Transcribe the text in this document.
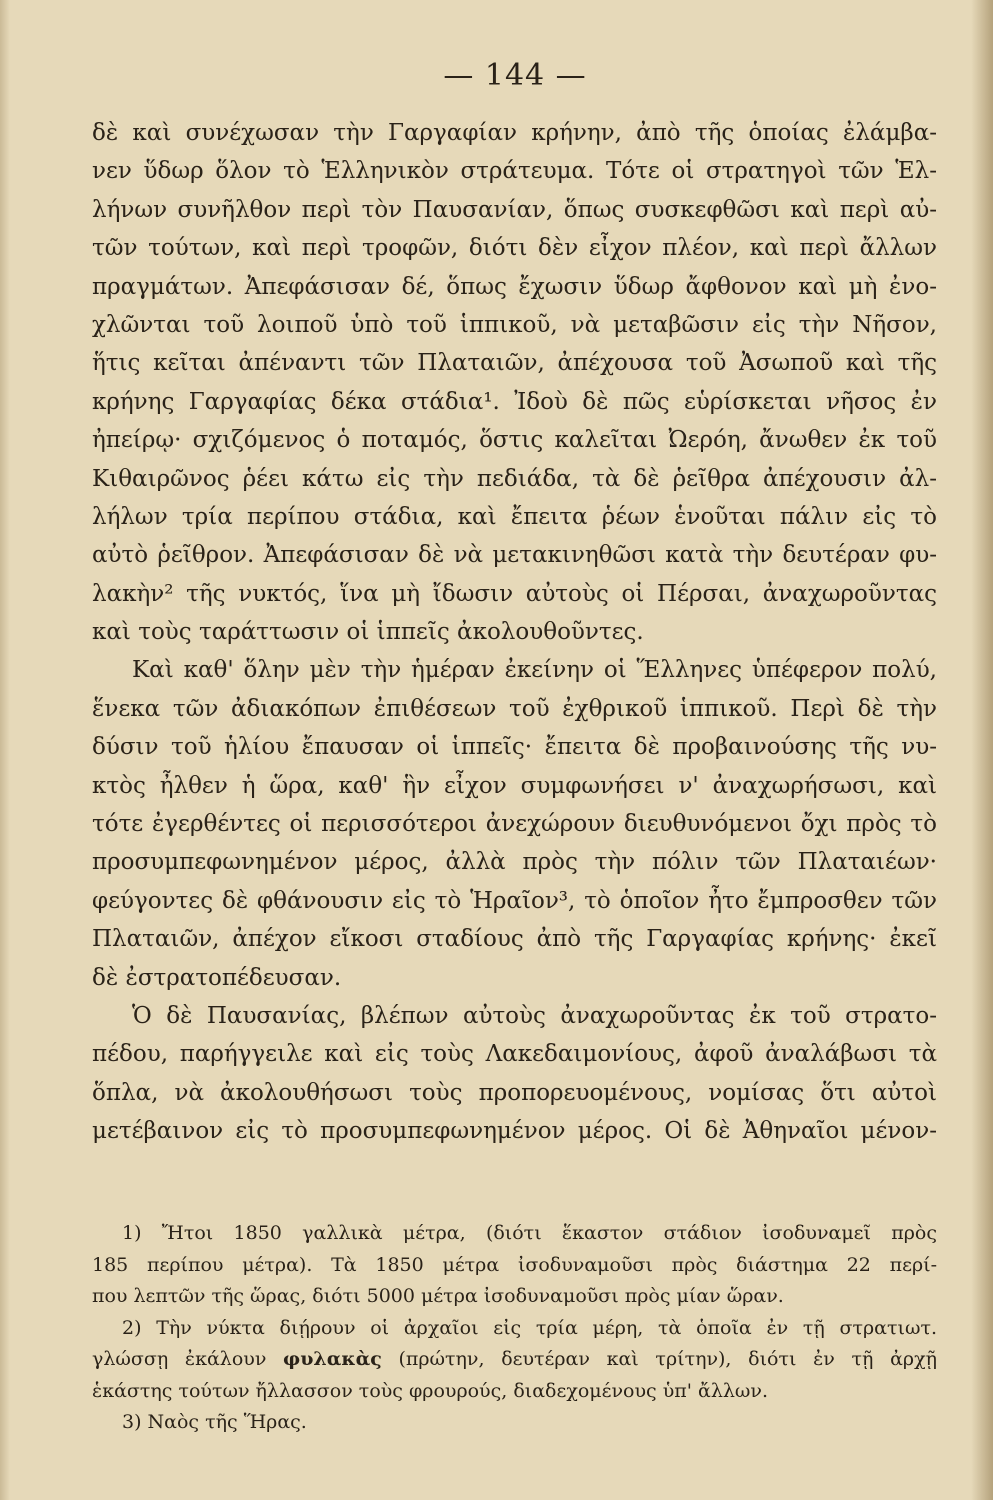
— 144 —
δὲ καὶ συνέχωσαν τὴν Γαργαφίαν κρήνην, ἀπὸ τῆς ὁποίας ἐλάμβα-
νεν ὕδωρ ὅλον τὸ Ἑλληνικὸν στράτευμα. Τότε οἱ στρατηγοὶ τῶν Ἑλ-
λήνων συνῆλθον περὶ τὸν Παυσανίαν, ὅπως συσκεφθῶσι καὶ περὶ αὐ-
τῶν τούτων, καὶ περὶ τροφῶν, διότι δὲν εἶχον πλέον, καὶ περὶ ἄλλων
πραγμάτων. Ἀπεφάσισαν δέ, ὅπως ἔχωσιν ὕδωρ ἄφθονον καὶ μὴ ἐνο-
χλῶνται τοῦ λοιποῦ ὑπὸ τοῦ ἱππικοῦ, νὰ μεταβῶσιν εἰς τὴν Νῆσον,
ἥτις κεῖται ἀπέναντι τῶν Πλαταιῶν, ἀπέχουσα τοῦ Ἀσωποῦ καὶ τῆς
κρήνης Γαργαφίας δέκα στάδια¹. Ἰδοὺ δὲ πῶς εὑρίσκεται νῆσος ἐν
ἠπείρῳ· σχιζόμενος ὁ ποταμός, ὅστις καλεῖται Ὠερόη, ἄνωθεν ἐκ τοῦ
Κιθαιρῶνος ῥέει κάτω εἰς τὴν πεδιάδα, τὰ δὲ ῥεῖθρα ἀπέχουσιν ἀλ-
λήλων τρία περίπου στάδια, καὶ ἔπειτα ῥέων ἑνοῦται πάλιν εἰς τὸ
αὐτὸ ῥεῖθρον. Ἀπεφάσισαν δὲ νὰ μετακινηθῶσι κατὰ τὴν δευτέραν φυ-
λακὴν² τῆς νυκτός, ἵνα μὴ ἴδωσιν αὐτοὺς οἱ Πέρσαι, ἀναχωροῦντας
καὶ τοὺς ταράττωσιν οἱ ἱππεῖς ἀκολουθοῦντες.
Καὶ καθ' ὅλην μὲν τὴν ἡμέραν ἐκείνην οἱ Ἕλληνες ὑπέφερον πολύ,
ἕνεκα τῶν ἀδιακόπων ἐπιθέσεων τοῦ ἐχθρικοῦ ἱππικοῦ. Περὶ δὲ τὴν
δύσιν τοῦ ἡλίου ἔπαυσαν οἱ ἱππεῖς· ἔπειτα δὲ προβαινούσης τῆς νυ-
κτὸς ἦλθεν ἡ ὥρα, καθ' ἣν εἶχον συμφωνήσει ν' ἀναχωρήσωσι, καὶ
τότε ἐγερθέντες οἱ περισσότεροι ἀνεχώρουν διευθυνόμενοι ὄχι πρὸς τὸ
προσυμπεφωνημένον μέρος, ἀλλὰ πρὸς τὴν πόλιν τῶν Πλαταιέων·
φεύγοντες δὲ φθάνουσιν εἰς τὸ Ἡραῖον³, τὸ ὁποῖον ἦτο ἔμπροσθεν τῶν
Πλαταιῶν, ἀπέχον εἴκοσι σταδίους ἀπὸ τῆς Γαργαφίας κρήνης· ἐκεῖ
δὲ ἐστρατοπέδευσαν.
Ὁ δὲ Παυσανίας, βλέπων αὐτοὺς ἀναχωροῦντας ἐκ τοῦ στρατο-
πέδου, παρήγγειλε καὶ εἰς τοὺς Λακεδαιμονίους, ἀφοῦ ἀναλάβωσι τὰ
ὅπλα, νὰ ἀκολουθήσωσι τοὺς προπορευομένους, νομίσας ὅτι αὐτοὶ
μετέβαινον εἰς τὸ προσυμπεφωνημένον μέρος. Οἱ δὲ Ἀθηναῖοι μένον-
1) Ἤτοι 1850 γαλλικὰ μέτρα, (διότι ἕκαστον στάδιον ἰσοδυναμεῖ πρὸς
185 περίπου μέτρα). Τὰ 1850 μέτρα ἰσοδυναμοῦσι πρὸς διάστημα 22 περί-
που λεπτῶν τῆς ὥρας, διότι 5000 μέτρα ἰσοδυναμοῦσι πρὸς μίαν ὥραν.
2) Τὴν νύκτα διῄρουν οἱ ἀρχαῖοι εἰς τρία μέρη, τὰ ὁποῖα ἐν τῇ στρατιωτ.
γλώσσῃ ἐκάλουν φυλακὰς (πρώτην, δευτέραν καὶ τρίτην), διότι ἐν τῇ ἀρχῇ
ἑκάστης τούτων ἤλλασσον τοὺς φρουρούς, διαδεχομένους ὑπ' ἄλλων.
3) Ναὸς τῆς Ἥρας.
